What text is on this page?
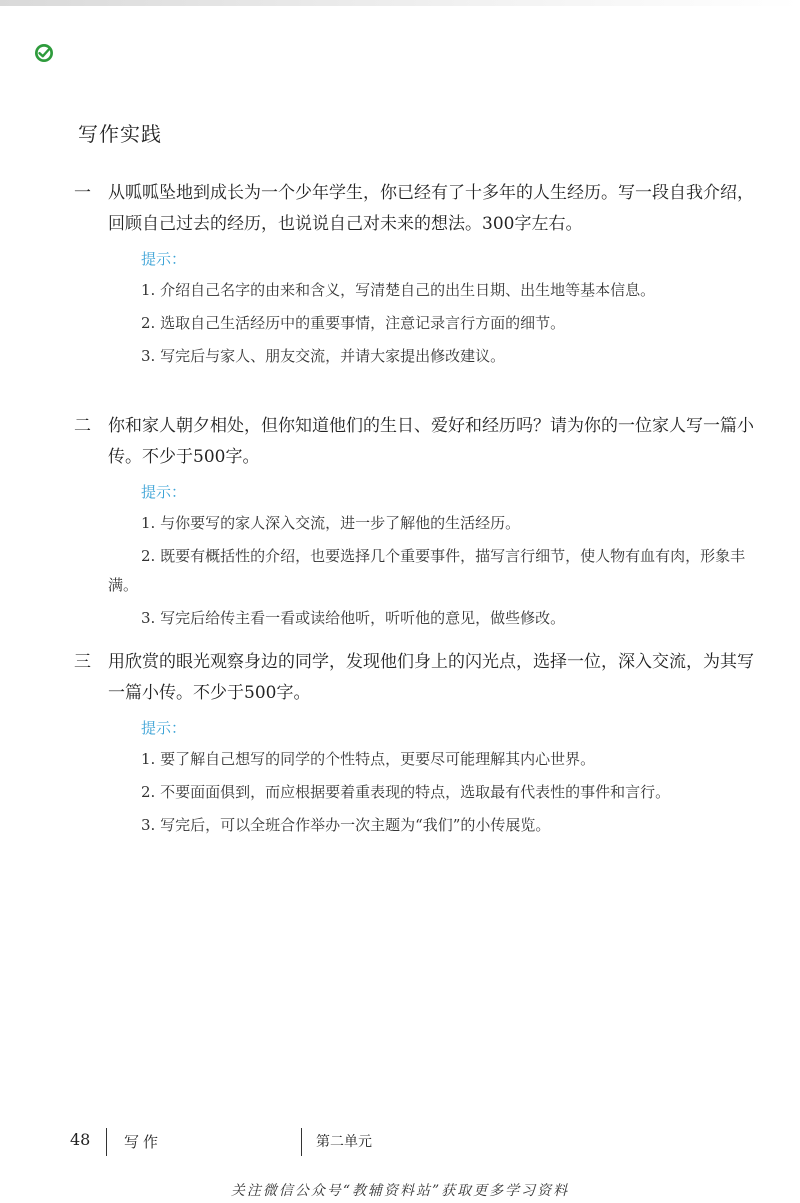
写作实践
一 从呱呱坠地到成长为一个少年学生，你已经有了十多年的人生经历。写一段自我介绍，回顾自己过去的经历，也说说自己对未来的想法。300字左右。
提示：
1. 介绍自己名字的由来和含义，写清楚自己的出生日期、出生地等基本信息。
2. 选取自己生活经历中的重要事情，注意记录言行方面的细节。
3. 写完后与家人、朋友交流，并请大家提出修改建议。
二 你和家人朝夕相处，但你知道他们的生日、爱好和经历吗？请为你的一位家人写一篇小传。不少于500字。
提示：
1. 与你要写的家人深入交流，进一步了解他的生活经历。
2. 既要有概括性的介绍，也要选择几个重要事件，描写言行细节，使人物有血有肉，形象丰满。
3. 写完后给传主看一看或读给他听，听听他的意见，做些修改。
三 用欣赏的眼光观察身边的同学，发现他们身上的闪光点，选择一位，深入交流，为其写一篇小传。不少于500字。
提示：
1. 要了解自己想写的同学的个性特点，更要尽可能理解其内心世界。
2. 不要面面俱到，而应根据要着重表现的特点，选取最有代表性的事件和言行。
3. 写完后，可以全班合作举办一次主题为“我们”的小传展览。
48 写作	第二单元
关注微信公众号“教辅资料站”获取更多学习资料
